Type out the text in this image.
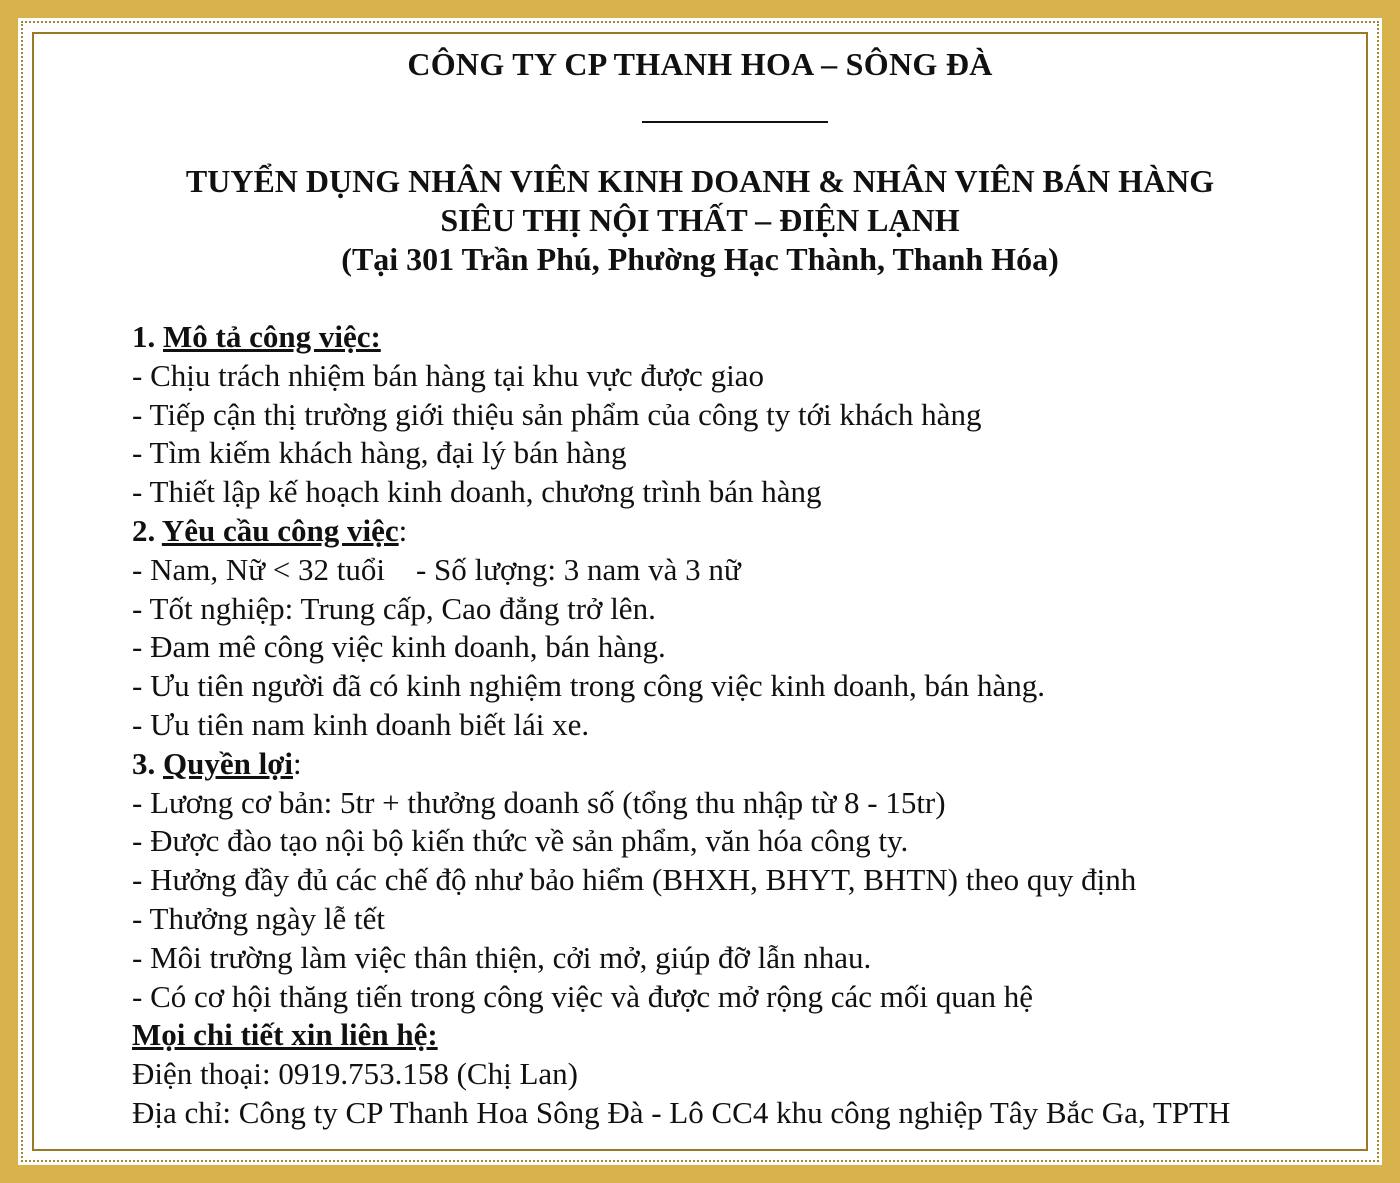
CÔNG TY CP THANH HOA – SÔNG ĐÀ
TUYỂN DỤNG NHÂN VIÊN KINH DOANH & NHÂN VIÊN BÁN HÀNG
SIÊU THỊ NỘI THẤT – ĐIỆN LẠNH
(Tại 301 Trần Phú, Phường Hạc Thành, Thanh Hóa)
1. Mô tả công việc:
- Chịu trách nhiệm bán hàng tại khu vực được giao
- Tiếp cận thị trường giới thiệu sản phẩm của công ty tới khách hàng
- Tìm kiếm khách hàng, đại lý bán hàng
- Thiết lập kế hoạch kinh doanh, chương trình bán hàng
2. Yêu cầu công việc:
- Nam, Nữ < 32 tuổi    - Số lượng: 3 nam và 3 nữ
- Tốt nghiệp: Trung cấp, Cao đẳng trở lên.
- Đam mê công việc kinh doanh, bán hàng.
- Ưu tiên người đã có kinh nghiệm trong công việc kinh doanh, bán hàng.
- Ưu tiên nam kinh doanh biết lái xe.
3. Quyền lợi:
- Lương cơ bản: 5tr + thưởng doanh số (tổng thu nhập từ 8 - 15tr)
- Được đào tạo nội bộ kiến thức về sản phẩm, văn hóa công ty.
- Hưởng đầy đủ các chế độ như bảo hiểm (BHXH, BHYT, BHTN) theo quy định
- Thưởng ngày lễ tết
- Môi trường làm việc thân thiện, cởi mở, giúp đỡ lẫn nhau.
- Có cơ hội thăng tiến trong công việc và được mở rộng các mối quan hệ
Mọi chi tiết xin liên hệ:
Điện thoại: 0919.753.158 (Chị Lan)
Địa chỉ: Công ty CP Thanh Hoa Sông Đà - Lô CC4 khu công nghiệp Tây Bắc Ga, TPTH
